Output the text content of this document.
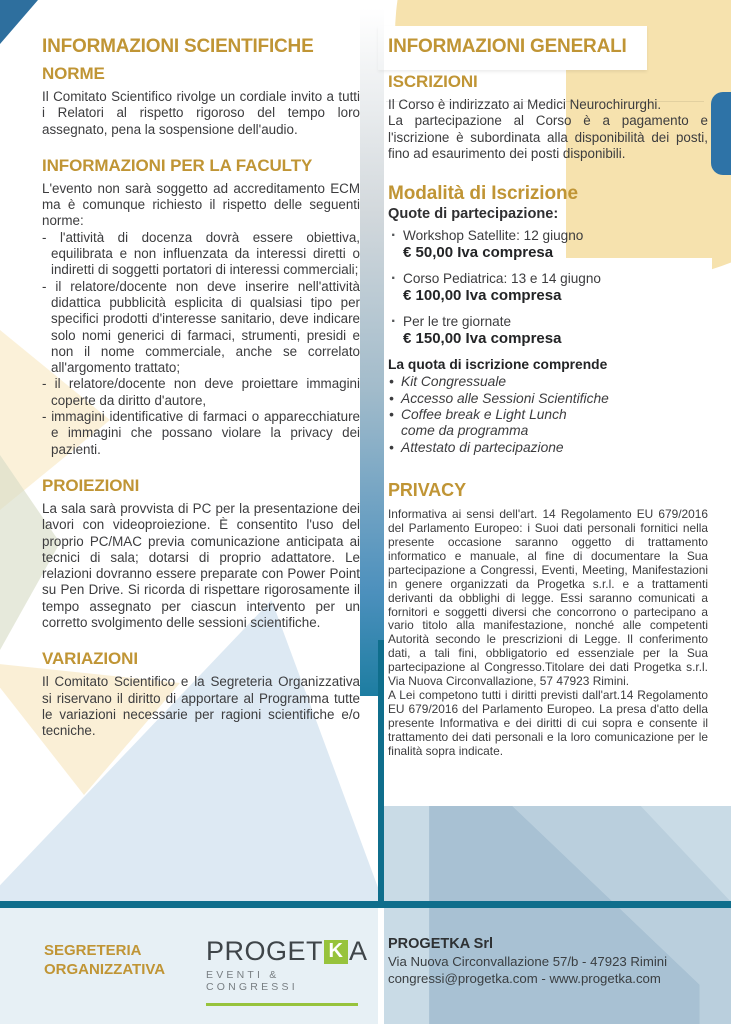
INFORMAZIONI SCIENTIFICHE
NORME

Il Comitato Scientifico rivolge un cordiale invito a tutti i Relatori al rispetto rigoroso del tempo loro assegnato, pena la sospensione dell'audio.

INFORMAZIONI PER LA FACULTY

L'evento non sarà soggetto ad accreditamento ECM ma è comunque richiesto il rispetto delle seguenti norme:

- l'attività di docenza dovrà essere obiettiva, equilibrata e non influenzata da interessi diretti o indiretti di soggetti portatori di interessi commerciali;
- il relatore/docente non deve inserire nell'attività didattica pubblicità esplicita di qualsiasi tipo per specifici prodotti d'interesse sanitario, deve indicare solo nomi generici di farmaci, strumenti, presidi e non il nome commerciale, anche se correlato all'argomento trattato;
- il relatore/docente non deve proiettare immagini coperte da diritto d'autore,
- immagini identificative di farmaci o apparecchiature e immagini che possano violare la privacy dei pazienti.
PROIEZIONI

La sala sarà provvista di PC per la presentazione dei lavori con videoproiezione. È consentito l'uso del proprio PC/MAC previa comunicazione anticipata ai tecnici di sala; dotarsi di proprio adattatore. Le relazioni dovranno essere preparate con Power Point su Pen Drive. Si ricorda di rispettare rigorosamente il tempo assegnato per ciascun intervento per un corretto svolgimento delle sessioni scientifiche.

VARIAZIONI

Il Comitato Scientifico e la Segreteria Organizzativa si riservano il diritto di apportare al Programma tutte le variazioni necessarie per ragioni scientifiche e/o tecniche.

INFORMAZIONI GENERALI
ISCRIZIONI

Il Corso è indirizzato ai Medici Neurochirurghi.

La partecipazione al Corso è a pagamento e l'iscrizione è subordinata alla disponibilità dei posti, fino ad esaurimento dei posti disponibili.

Modalità di Iscrizione
Quote di partecipazione:
· Workshop Satellite: 12 giugno
€ 50,00 Iva compresa
· Corso Pediatrica: 13 e 14 giugno
€ 100,00 Iva compresa
· Per le tre giornate
€ 150,00 Iva compresa
La quota di iscrizione comprende
• Kit Congressuale
• Accesso alle Sessioni Scientifiche
• Coffee break e Light Lunch
come da programma
• Attestato di partecipazione
PRIVACY

Informativa ai sensi dell'art. 14 Regolamento EU 679/2016 del Parlamento Europeo: i Suoi dati personali fornitici nella presente occasione saranno oggetto di trattamento informatico e manuale, al fine di documentare la Sua partecipazione a Congressi, Eventi, Meeting, Manifestazioni in genere organizzati da Progetka s.r.l. e a trattamenti derivanti da obblighi di legge. Essi saranno comunicati a fornitori e soggetti diversi che concorrono o partecipano a vario titolo alla manifestazione, nonché alle competenti Autorità secondo le prescrizioni di Legge. Il conferimento dati, a tali fini, obbligatorio ed essenziale per la Sua partecipazione al Congresso.Titolare dei dati Progetka s.r.l. Via Nuova Circonvallazione, 57 47923 Rimini.

A Lei competono tutti i diritti previsti dall'art.14 Regolamento EU 679/2016 del Parlamento Europeo. La presa d'atto della presente Informativa e dei diritti di cui sopra e consente il trattamento dei dati personali e la loro comunicazione per le finalità sopra indicate.

SEGRETERIA ORGANIZZATIVA
PROGET K A
EVENTI & CONGRESSI
PROGETKA Srl
Via Nuova Circonvallazione 57/b - 47923 Rimini
congressi@progetka.com - www.progetka.com
